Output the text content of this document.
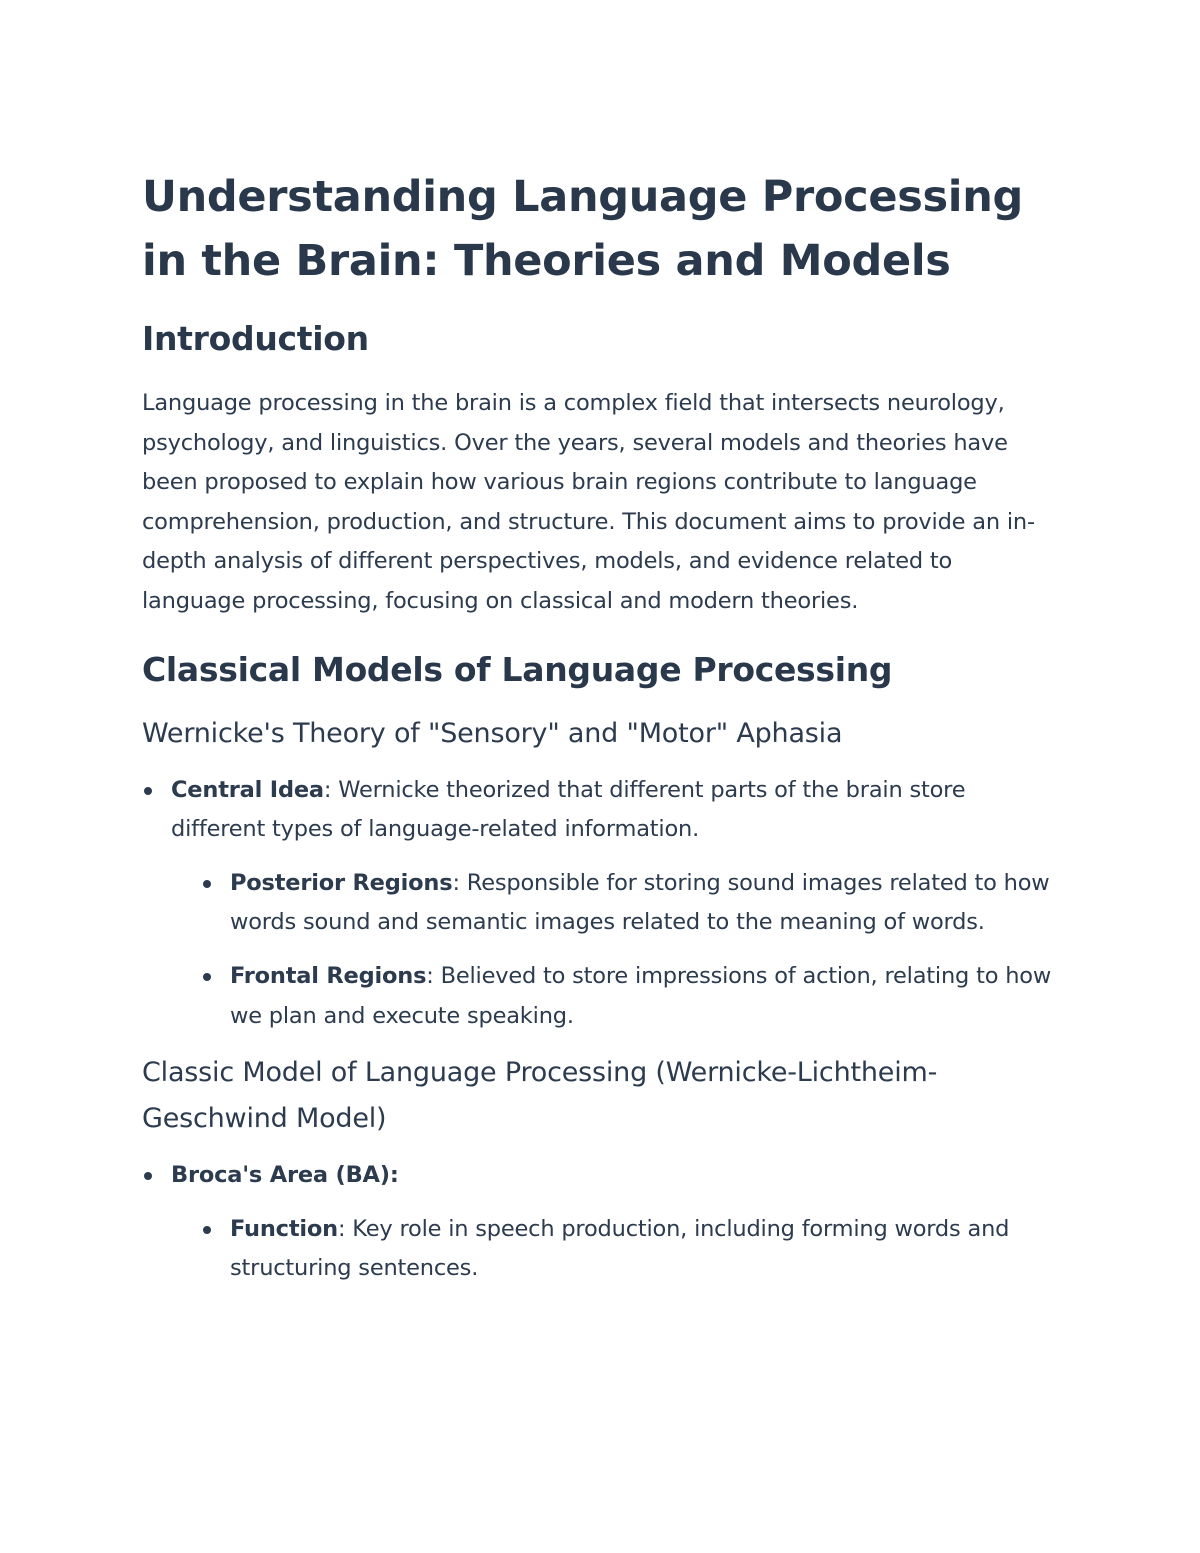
Understanding Language Processing in the Brain: Theories and Models
Introduction

Language processing in the brain is a complex field that intersects neurology, psychology, and linguistics. Over the years, several models and theories have been proposed to explain how various brain regions contribute to language comprehension, production, and structure. This document aims to provide an in-depth analysis of different perspectives, models, and evidence related to language processing, focusing on classical and modern theories.

Classical Models of Language Processing
Wernicke's Theory of "Sensory" and "Motor" Aphasia
Central Idea: Wernicke theorized that different parts of the brain store different types of language-related information.
Posterior Regions: Responsible for storing sound images related to how words sound and semantic images related to the meaning of words.
Frontal Regions: Believed to store impressions of action, relating to how we plan and execute speaking.
Classic Model of Language Processing (Wernicke-Lichtheim-Geschwind Model)
Broca's Area (BA):
Function: Key role in speech production, including forming words and structuring sentences.
